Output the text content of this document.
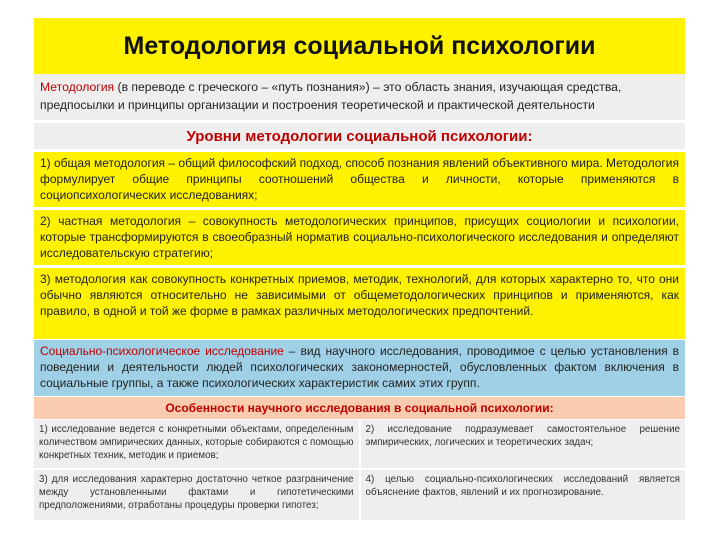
Методология социальной психологии
Методология (в переводе с греческого – «путь познания») – это область знания, изучающая средства, предпосылки и принципы организации и построения теоретической и практической деятельности
Уровни методологии социальной психологии:
1) общая методология – общий философский подход, способ познания явлений объективного мира. Методология формулирует общие принципы соотношений общества и личности, которые применяются в социопсихологических исследованиях;
2) частная методология – совокупность методологических принципов, присущих социологии и психологии, которые трансформируются в своеобразный норматив социально-психологического исследования и определяют исследовательскую стратегию;
3) методология как совокупность конкретных приемов, методик, технологий, для которых характерно то, что они обычно являются относительно не зависимыми от общеметодологических принципов и применяются, как правило, в одной и той же форме в рамках различных методологических предпочтений.
Социально-психологическое исследование – вид научного исследования, проводимое с целью установления в поведении и деятельности людей психологических закономерностей, обусловленных фактом включения в социальные группы, а также психологических характеристик самих этих групп.
Особенности научного исследования в социальной психологии:
1) исследование ведется с конкретными объектами, определенным количеством эмпирических данных, которые собираются с помощью конкретных техник, методик и приемов;
2) исследование подразумевает самостоятельное решение эмпирических, логических и теоретических задач;
3) для исследования характерно достаточно четкое разграничение между установленными фактами и гипотетическими предположениями, отработаны процедуры проверки гипотез;
4) целью социально-психологических исследований является объяснение фактов, явлений и их прогнозирование.
